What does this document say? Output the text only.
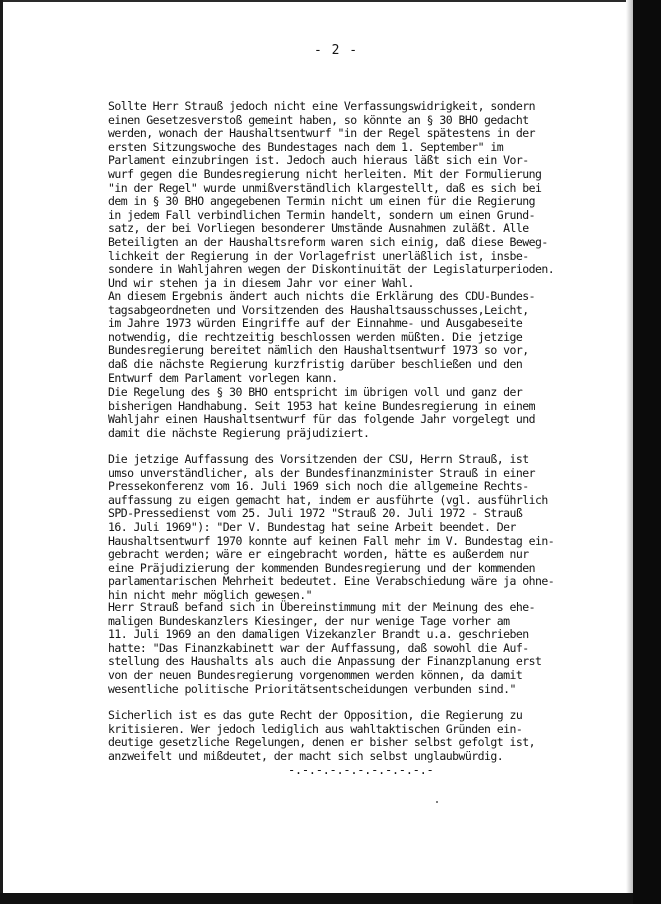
- 2 -

Sollte Herr Strauß jedoch nicht eine Verfassungswidrigkeit, sondern
einen Gesetzesverstoß gemeint haben, so könnte an § 30 BHO gedacht
werden, wonach der Haushaltsentwurf "in der Regel spätestens in der
ersten Sitzungswoche des Bundestages nach dem 1. September" im
Parlament einzubringen ist. Jedoch auch hieraus läßt sich ein Vor-
wurf gegen die Bundesregierung nicht herleiten. Mit der Formulierung
"in der Regel" wurde unmißverständlich klargestellt, daß es sich bei
dem in § 30 BHO angegebenen Termin nicht um einen für die Regierung
in jedem Fall verbindlichen Termin handelt, sondern um einen Grund-
satz, der bei Vorliegen besonderer Umstände Ausnahmen zuläßt. Alle
Beteiligten an der Haushaltsreform waren sich einig, daß diese Beweg-
lichkeit der Regierung in der Vorlagefrist unerläßlich ist, insbe-
sondere in Wahljahren wegen der Diskontinuität der Legislaturperioden.
Und wir stehen ja in diesem Jahr vor einer Wahl.

An diesem Ergebnis ändert auch nichts die Erklärung des CDU-Bundes-
tagsabgeordneten und Vorsitzenden des Haushaltsausschusses,Leicht,
im Jahre 1973 würden Eingriffe auf der Einnahme- und Ausgabeseite
notwendig, die rechtzeitig beschlossen werden müßten. Die jetzige
Bundesregierung bereitet nämlich den Haushaltsentwurf 1973 so vor,
daß die nächste Regierung kurzfristig darüber beschließen und den
Entwurf dem Parlament vorlegen kann.

Die Regelung des § 30 BHO entspricht im übrigen voll und ganz der
bisherigen Handhabung. Seit 1953 hat keine Bundesregierung in einem
Wahljahr einen Haushaltsentwurf für das folgende Jahr vorgelegt und
damit die nächste Regierung präjudiziert.

Die jetzige Auffassung des Vorsitzenden der CSU, Herrn Strauß, ist
umso unverständlicher, als der Bundesfinanzminister Strauß in einer
Pressekonferenz vom 16. Juli 1969 sich noch die allgemeine Rechts-
auffassung zu eigen gemacht hat, indem er ausführte (vgl. ausführlich
SPD-Pressedienst vom 25. Juli 1972 "Strauß 20. Juli 1972 - Strauß
16. Juli 1969"): "Der V. Bundestag hat seine Arbeit beendet. Der
Haushaltsentwurf 1970 konnte auf keinen Fall mehr im V. Bundestag ein-
gebracht werden; wäre er eingebracht worden, hätte es außerdem nur
eine Präjudizierung der kommenden Bundesregierung und der kommenden
parlamentarischen Mehrheit bedeutet. Eine Verabschiedung wäre ja ohne-
hin nicht mehr möglich gewesen."

Herr Strauß befand sich in Übereinstimmung mit der Meinung des ehe-
maligen Bundeskanzlers Kiesinger, der nur wenige Tage vorher am
11. Juli 1969 an den damaligen Vizekanzler Brandt u.a. geschrieben
hatte: "Das Finanzkabinett war der Auffassung, daß sowohl die Auf-
stellung des Haushalts als auch die Anpassung der Finanzplanung erst
von der neuen Bundesregierung vorgenommen werden können, da damit
wesentliche politische Prioritätsentscheidungen verbunden sind."

Sicherlich ist es das gute Recht der Opposition, die Regierung zu
kritisieren. Wer jedoch lediglich aus wahltaktischen Gründen ein-
deutige gesetzliche Regelungen, denen er bisher selbst gefolgt ist,
anzweifelt und mißdeutet, der macht sich selbst unglaubwürdig.

-.-.-.-.-.-.-.-.-.-.-
